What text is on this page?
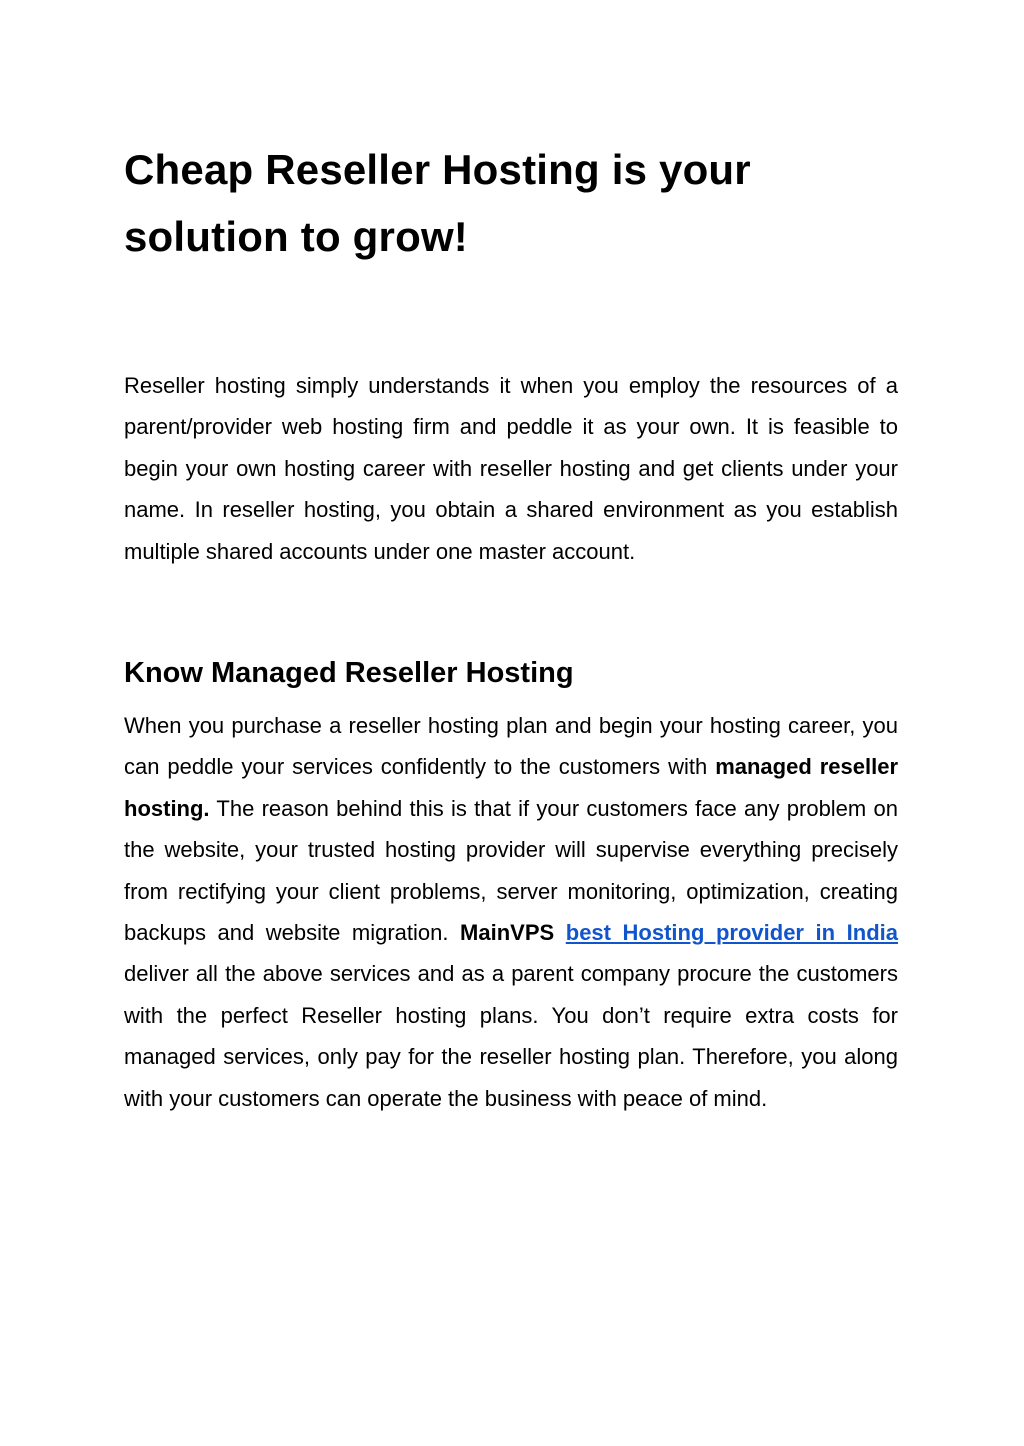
Cheap Reseller Hosting is your solution to grow!

Reseller hosting simply understands it when you employ the resources of a parent/provider web hosting firm and peddle it as your own. It is feasible to begin your own hosting career with reseller hosting and get clients under your name. In reseller hosting, you obtain a shared environment as you establish multiple shared accounts under one master account.

Know Managed Reseller Hosting

When you purchase a reseller hosting plan and begin your hosting career, you can peddle your services confidently to the customers with managed reseller hosting. The reason behind this is that if your customers face any problem on the website, your trusted hosting provider will supervise everything precisely from rectifying your client problems, server monitoring, optimization, creating backups and website migration. MainVPS best Hosting provider in India deliver all the above services and as a parent company procure the customers with the perfect Reseller hosting plans. You don’t require extra costs for managed services, only pay for the reseller hosting plan. Therefore, you along with your customers can operate the business with peace of mind.
